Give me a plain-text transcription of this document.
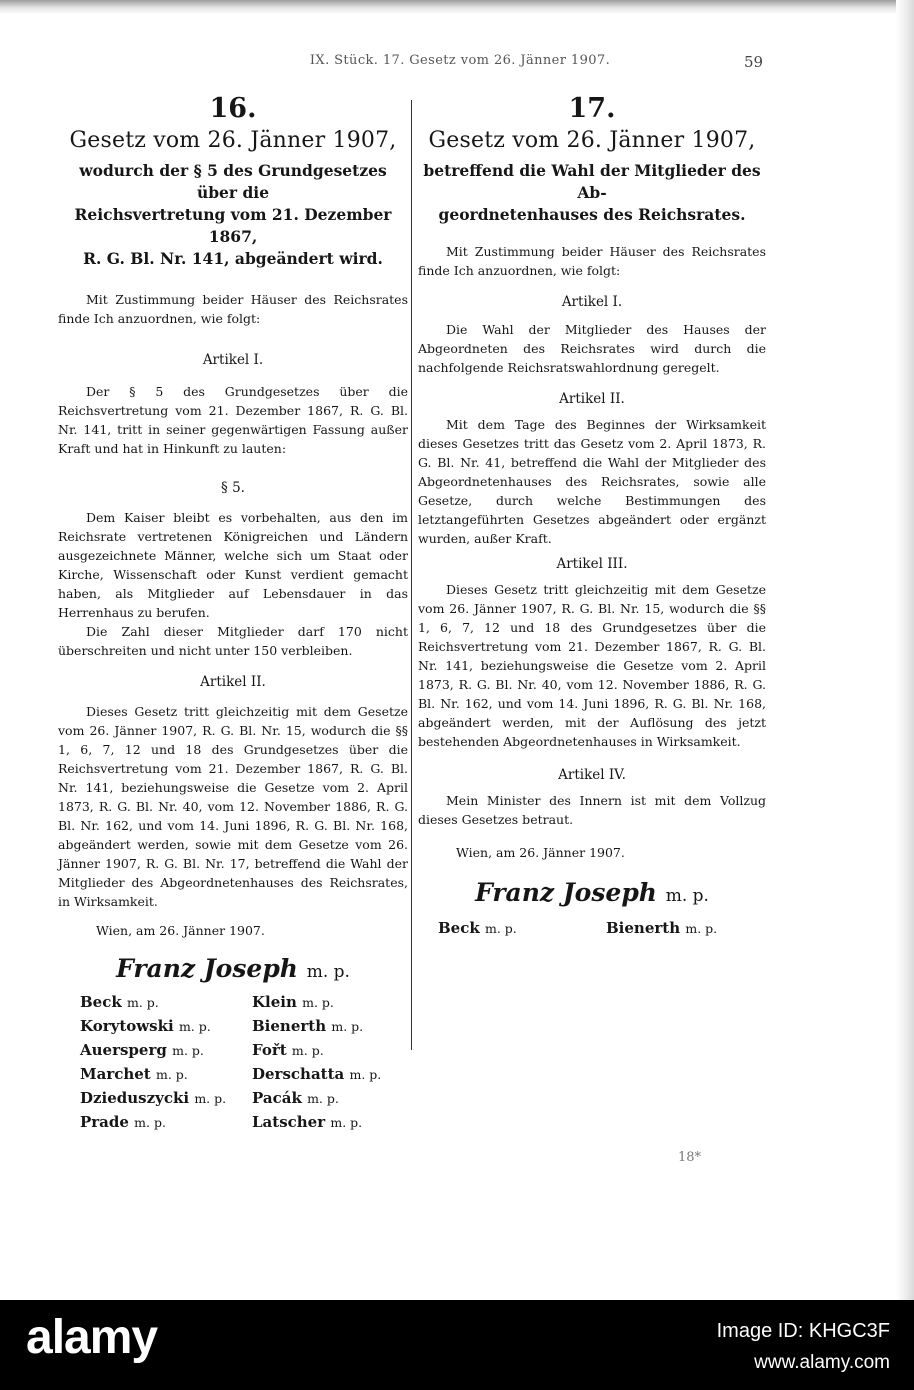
IX. Stück. 17. Gesetz vom 26. Jänner 1907.	59
16.
Gesetz vom 26. Jänner 1907,
wodurch der § 5 des Grundgesetzes über die
Reichsvertretung vom 21. Dezember 1867,
R. G. Bl. Nr. 141, abgeändert wird.

Mit Zustimmung beider Häuser des Reichsrates finde Ich anzuordnen, wie folgt:

Artikel I.

Der § 5 des Grundgesetzes über die Reichsvertretung vom 21. Dezember 1867, R. G. Bl. Nr. 141, tritt in seiner gegenwärtigen Fassung außer Kraft und hat in Hinkunft zu lauten:

§ 5.

Dem Kaiser bleibt es vorbehalten, aus den im Reichsrate vertretenen Königreichen und Ländern ausgezeichnete Männer, welche sich um Staat oder Kirche, Wissenschaft oder Kunst verdient gemacht haben, als Mitglieder auf Lebensdauer in das Herrenhaus zu berufen.

Die Zahl dieser Mitglieder darf 170 nicht überschreiten und nicht unter 150 verbleiben.

Artikel II.

Dieses Gesetz tritt gleichzeitig mit dem Gesetze vom 26. Jänner 1907, R. G. Bl. Nr. 15, wodurch die §§ 1, 6, 7, 12 und 18 des Grundgesetzes über die Reichsvertretung vom 21. Dezember 1867, R. G. Bl. Nr. 141, beziehungsweise die Gesetze vom 2. April 1873, R. G. Bl. Nr. 40, vom 12. November 1886, R. G. Bl. Nr. 162, und vom 14. Juni 1896, R. G. Bl. Nr. 168, abgeändert werden, sowie mit dem Gesetze vom 26. Jänner 1907, R. G. Bl. Nr. 17, betreffend die Wahl der Mitglieder des Abgeordnetenhauses des Reichsrates, in Wirksamkeit.

Wien, am 26. Jänner 1907.
Franz Joseph m. p.
Beck m. p.	Klein m. p.
Korytowski m. p.	Bienerth m. p.
Auersperg m. p.	Fořt m. p.
Marchet m. p.	Derschatta m. p.
Dzieduszycki m. p.	Pacák m. p.
Prade m. p.	Latscher m. p.
17.
Gesetz vom 26. Jänner 1907,
betreffend die Wahl der Mitglieder des Ab-
geordnetenhauses des Reichsrates.

Mit Zustimmung beider Häuser des Reichsrates finde Ich anzuordnen, wie folgt:

Artikel I.

Die Wahl der Mitglieder des Hauses der Abgeordneten des Reichsrates wird durch die nachfolgende Reichsratswahlordnung geregelt.

Artikel II.

Mit dem Tage des Beginnes der Wirksamkeit dieses Gesetzes tritt das Gesetz vom 2. April 1873, R. G. Bl. Nr. 41, betreffend die Wahl der Mitglieder des Abgeordnetenhauses des Reichsrates, sowie alle Gesetze, durch welche Bestimmungen des letztangeführten Gesetzes abgeändert oder ergänzt wurden, außer Kraft.

Artikel III.

Dieses Gesetz tritt gleichzeitig mit dem Gesetze vom 26. Jänner 1907, R. G. Bl. Nr. 15, wodurch die §§ 1, 6, 7, 12 und 18 des Grundgesetzes über die Reichsvertretung vom 21. Dezember 1867, R. G. Bl. Nr. 141, beziehungsweise die Gesetze vom 2. April 1873, R. G. Bl. Nr. 40, vom 12. November 1886, R. G. Bl. Nr. 162, und vom 14. Juni 1896, R. G. Bl. Nr. 168, abgeändert werden, mit der Auflösung des jetzt bestehenden Abgeordnetenhauses in Wirksamkeit.

Artikel IV.

Mein Minister des Innern ist mit dem Vollzug dieses Gesetzes betraut.

Wien, am 26. Jänner 1907.
Franz Joseph m. p.
Beck m. p.	Bienerth m. p.
18*
alamy	Image ID: KHGC3F
www.alamy.com
